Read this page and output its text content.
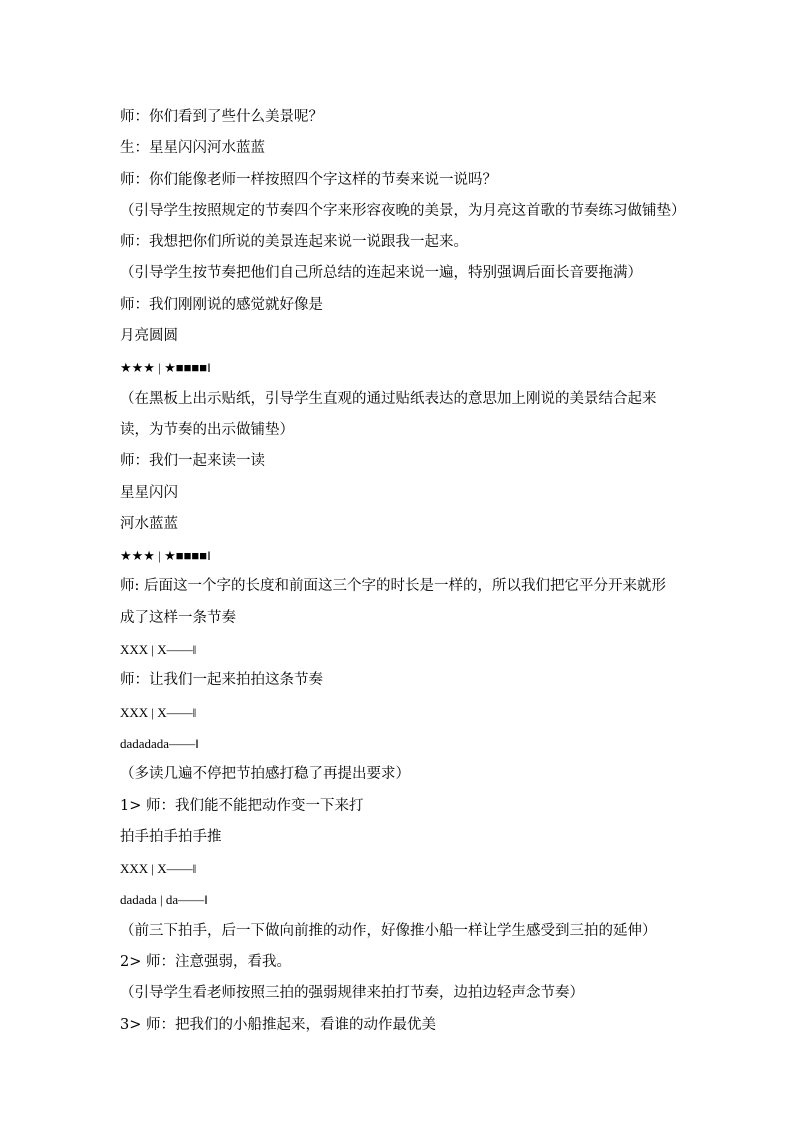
师：你们看到了些什么美景呢？
生：星星闪闪河水蓝蓝
师：你们能像老师一样按照四个字这样的节奏来说一说吗？
（引导学生按照规定的节奏四个字来形容夜晚的美景，为月亮这首歌的节奏练习做铺垫）
师：我想把你们所说的美景连起来说一说跟我一起来。
（引导学生按节奏把他们自己所总结的连起来说一遍，特别强调后面长音要拖满）
师：我们刚刚说的感觉就好像是
月亮圆圆
★★★ | ★■■■■‖
（在黑板上出示贴纸，引导学生直观的通过贴纸表达的意思加上刚说的美景结合起来读，为节奏的出示做铺垫）
师：我们一起来读一读
星星闪闪
河水蓝蓝
★★★ | ★■■■■‖
师: 后面这一个字的长度和前面这三个字的时长是一样的，所以我们把它平分开来就形成了这样一条节奏
XXX | X——‖
师：让我们一起来拍拍这条节奏
XXX | X——‖
dadadada——‖
（多读几遍不停把节拍感打稳了再提出要求）
1> 师：我们能不能把动作变一下来打
拍手拍手拍手推
XXX | X——‖
dadada | da——‖
（前三下拍手，后一下做向前推的动作，好像推小船一样让学生感受到三拍的延伸）
2> 师：注意强弱，看我。
（引导学生看老师按照三拍的强弱规律来拍打节奏，边拍边轻声念节奏）
3> 师：把我们的小船推起来，看谁的动作最优美
